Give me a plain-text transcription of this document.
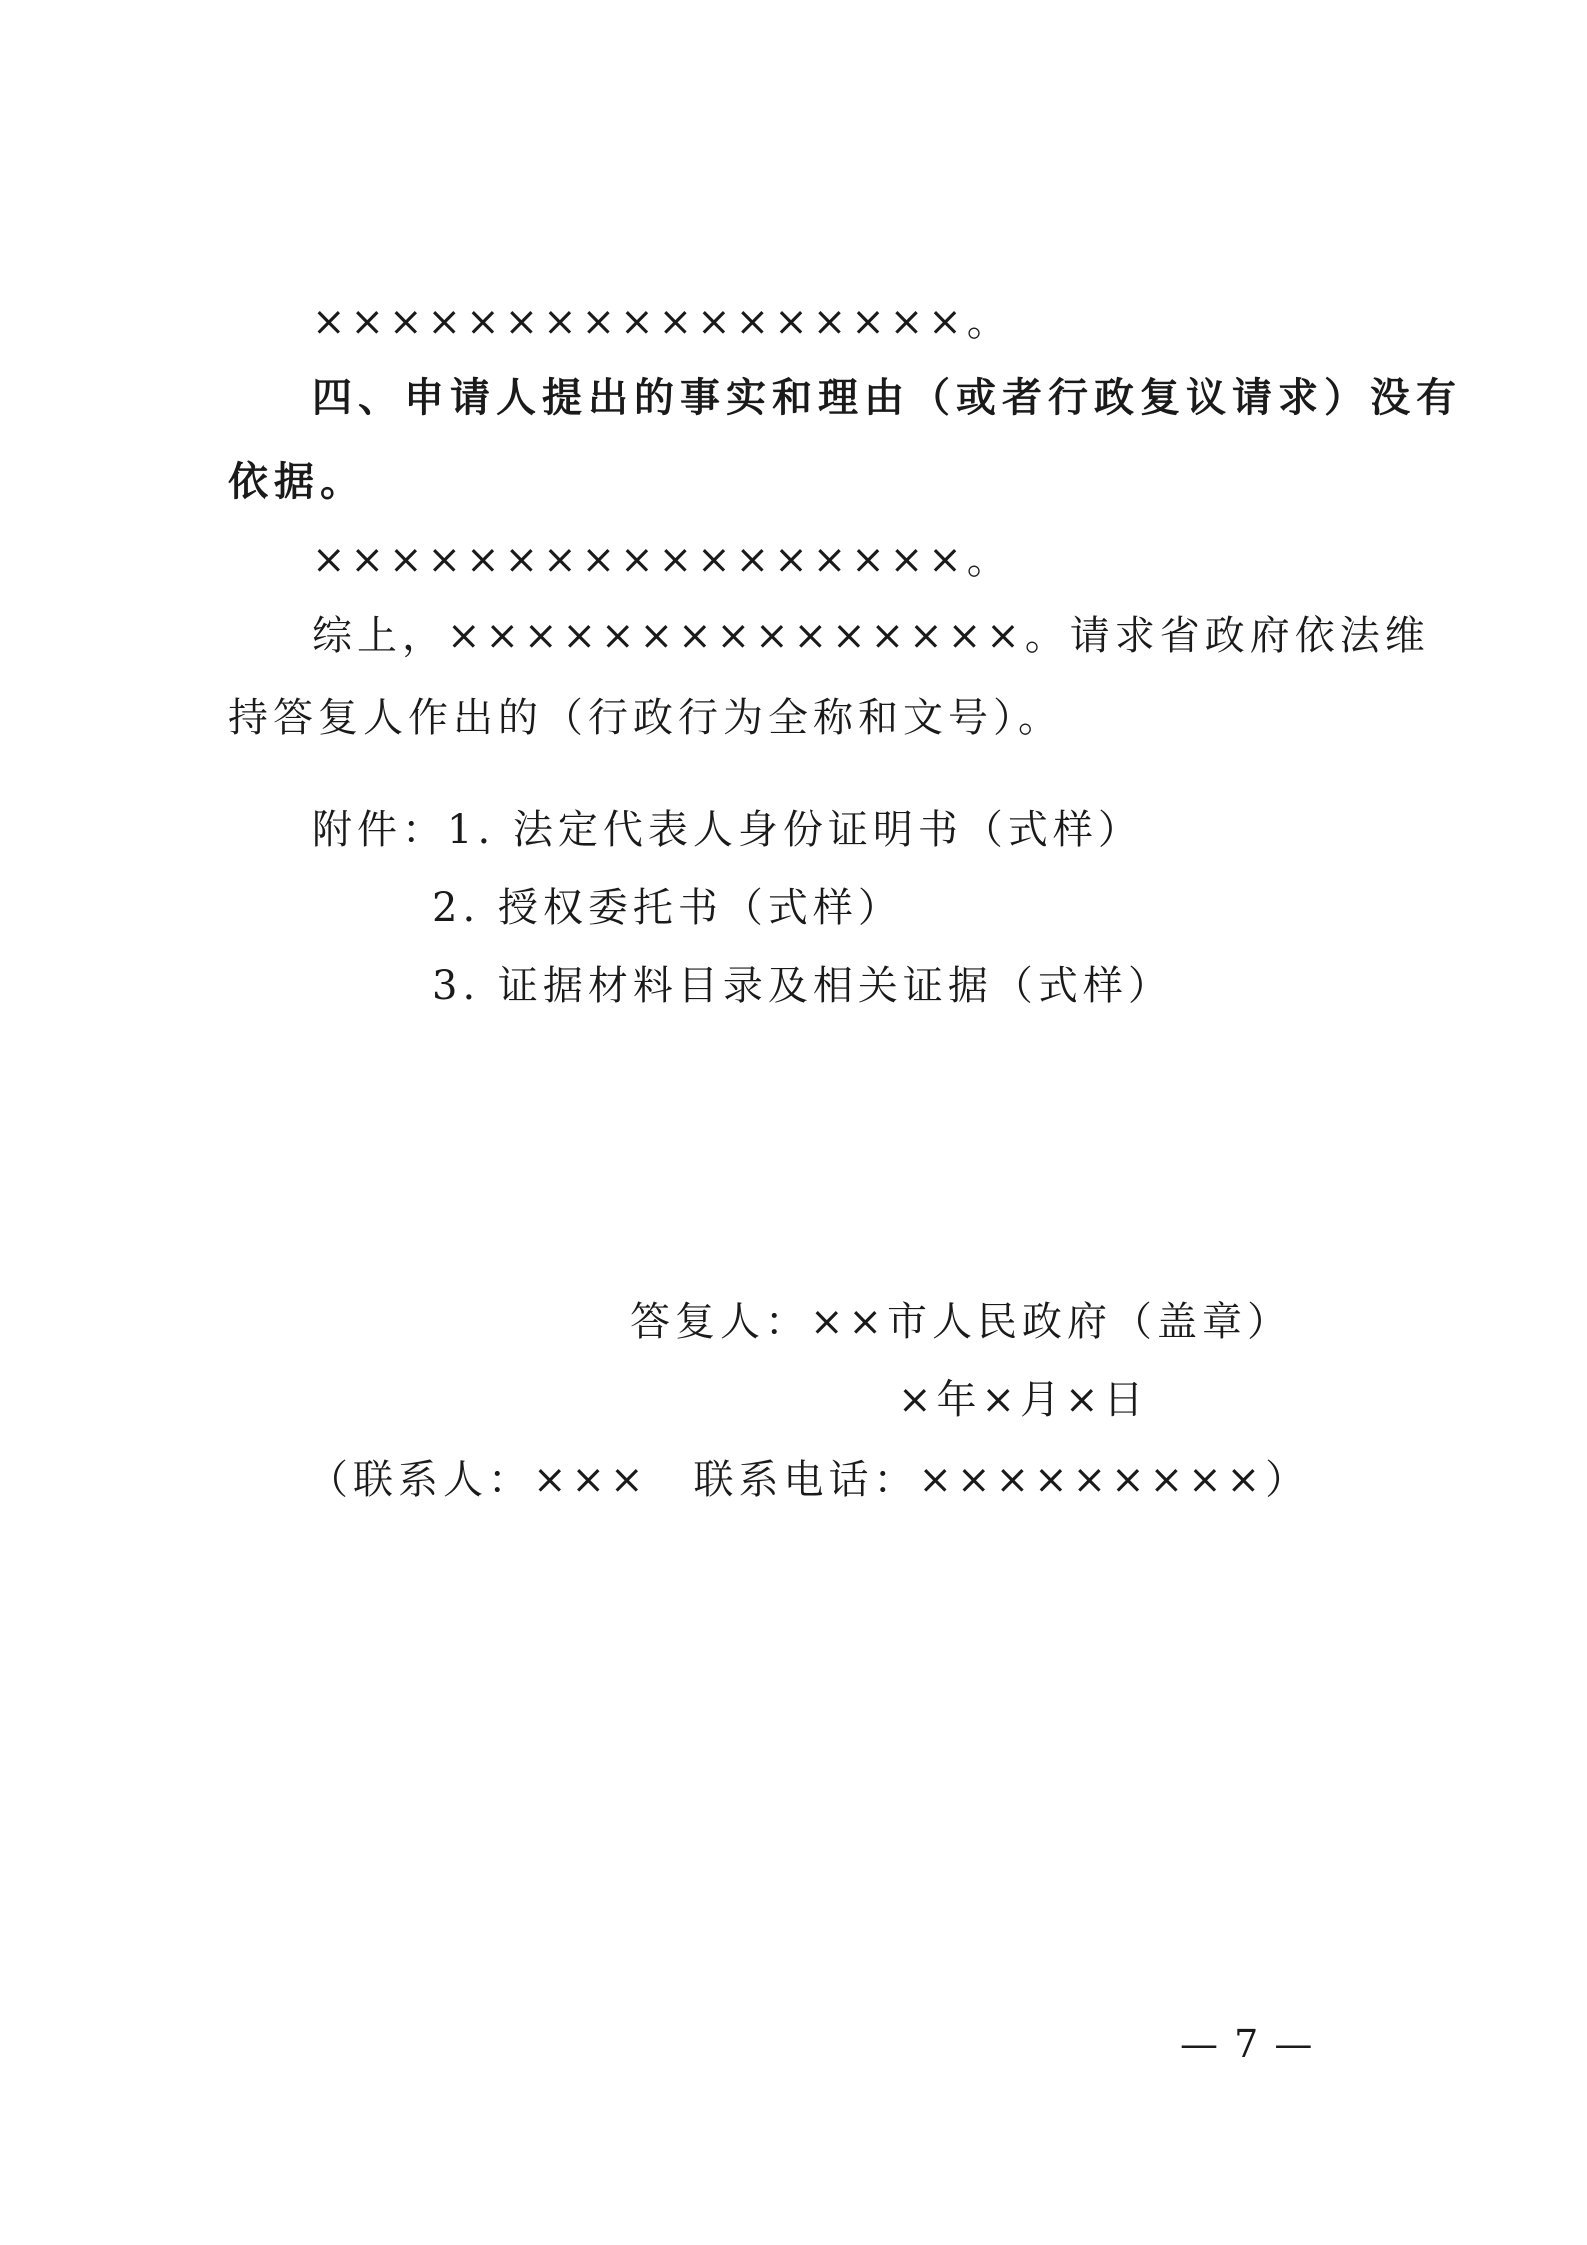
×××××××××××××××××。
四、申请人提出的事实和理由（或者行政复议请求）没有
依据。
×××××××××××××××××。
综上，×××××××××××××××。请求省政府依法维
持答复人作出的（行政行为全称和文号）。
附件：1. 法定代表人身份证明书（式样）
2. 授权委托书（式样）
3. 证据材料目录及相关证据（式样）
答复人：××市人民政府（盖章）
×年×月×日
（联系人：×××　联系电话：×××××××××）
— 7 —
